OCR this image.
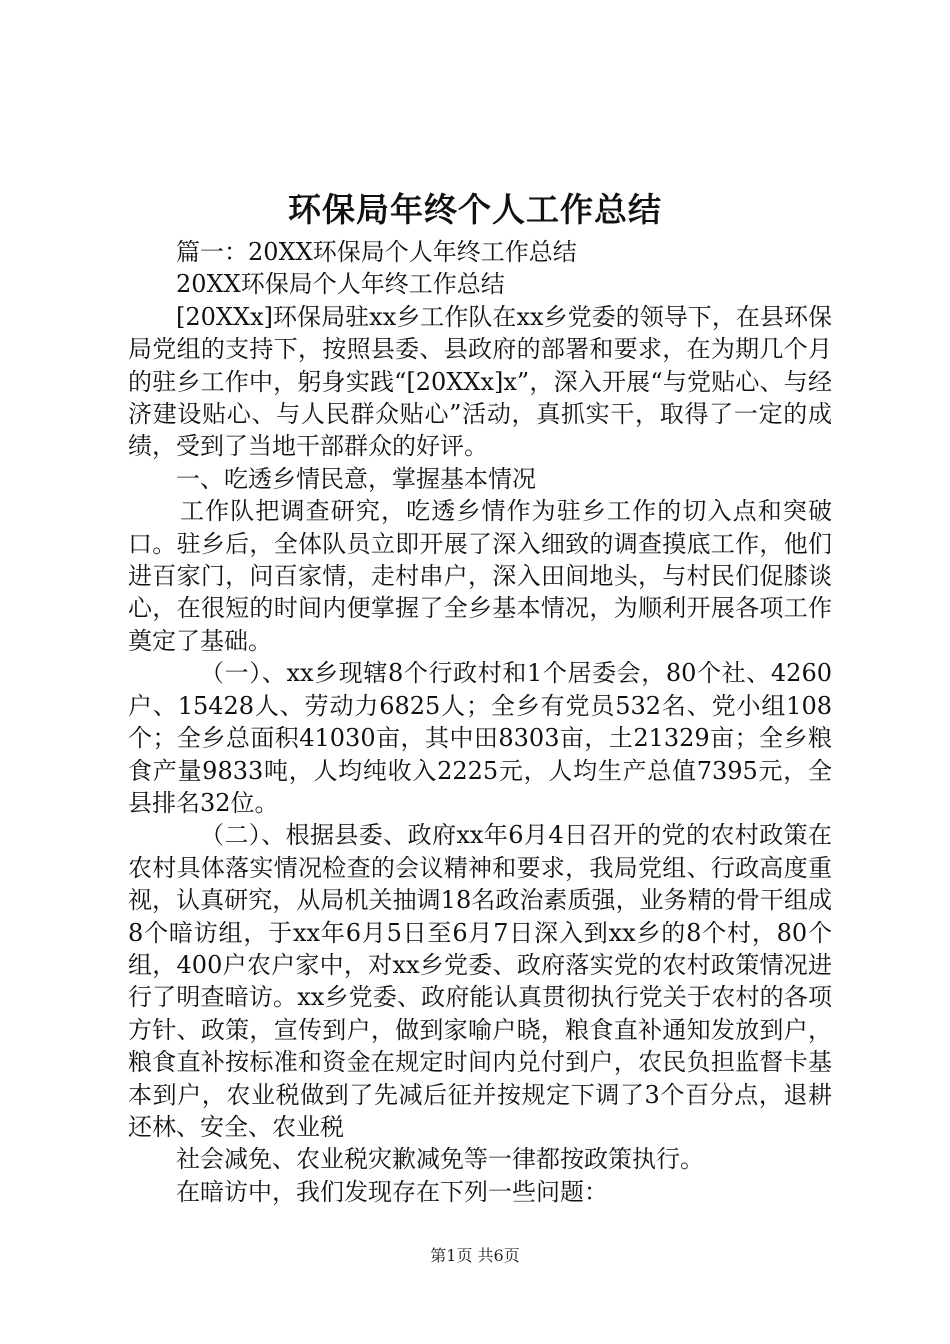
环保局年终个人工作总结

篇一：20XX环保局个人年终工作总结

20XX环保局个人年终工作总结

[20XXx]环保局驻xx乡工作队在xx乡党委的领导下，在县环保局党组的支持下，按照县委、县政府的部署和要求，在为期几个月的驻乡工作中，躬身实践“[20XXx]x”，深入开展“与党贴心、与经济建设贴心、与人民群众贴心”活动，真抓实干，取得了一定的成绩，受到了当地干部群众的好评。

一、吃透乡情民意，掌握基本情况

工作队把调查研究，吃透乡情作为驻乡工作的切入点和突破口。驻乡后，全体队员立即开展了深入细致的调查摸底工作，他们进百家门，问百家情，走村串户，深入田间地头，与村民们促膝谈心，在很短的时间内便掌握了全乡基本情况，为顺利开展各项工作奠定了基础。

（一）、xx乡现辖8个行政村和1个居委会，80个社、4260户、15428人、劳动力6825人；全乡有党员532名、党小组108个；全乡总面积41030亩，其中田8303亩，土21329亩；全乡粮食产量9833吨，人均纯收入2225元，人均生产总值7395元，全县排名32位。

（二）、根据县委、政府xx年6月4日召开的党的农村政策在农村具体落实情况检查的会议精神和要求，我局党组、行政高度重视，认真研究，从局机关抽调18名政治素质强，业务精的骨干组成8个暗访组，于xx年6月5日至6月7日深入到xx乡的8个村，80个组，400户农户家中，对xx乡党委、政府落实党的农村政策情况进行了明查暗访。xx乡党委、政府能认真贯彻执行党关于农村的各项方针、政策，宣传到户，做到家喻户晓，粮食直补通知发放到户，粮食直补按标准和资金在规定时间内兑付到户，农民负担监督卡基本到户，农业税做到了先减后征并按规定下调了3个百分点，退耕还林、安全、农业税

社会减免、农业税灾歉减免等一律都按政策执行。

在暗访中，我们发现存在下列一些问题：

第1页 共6页
